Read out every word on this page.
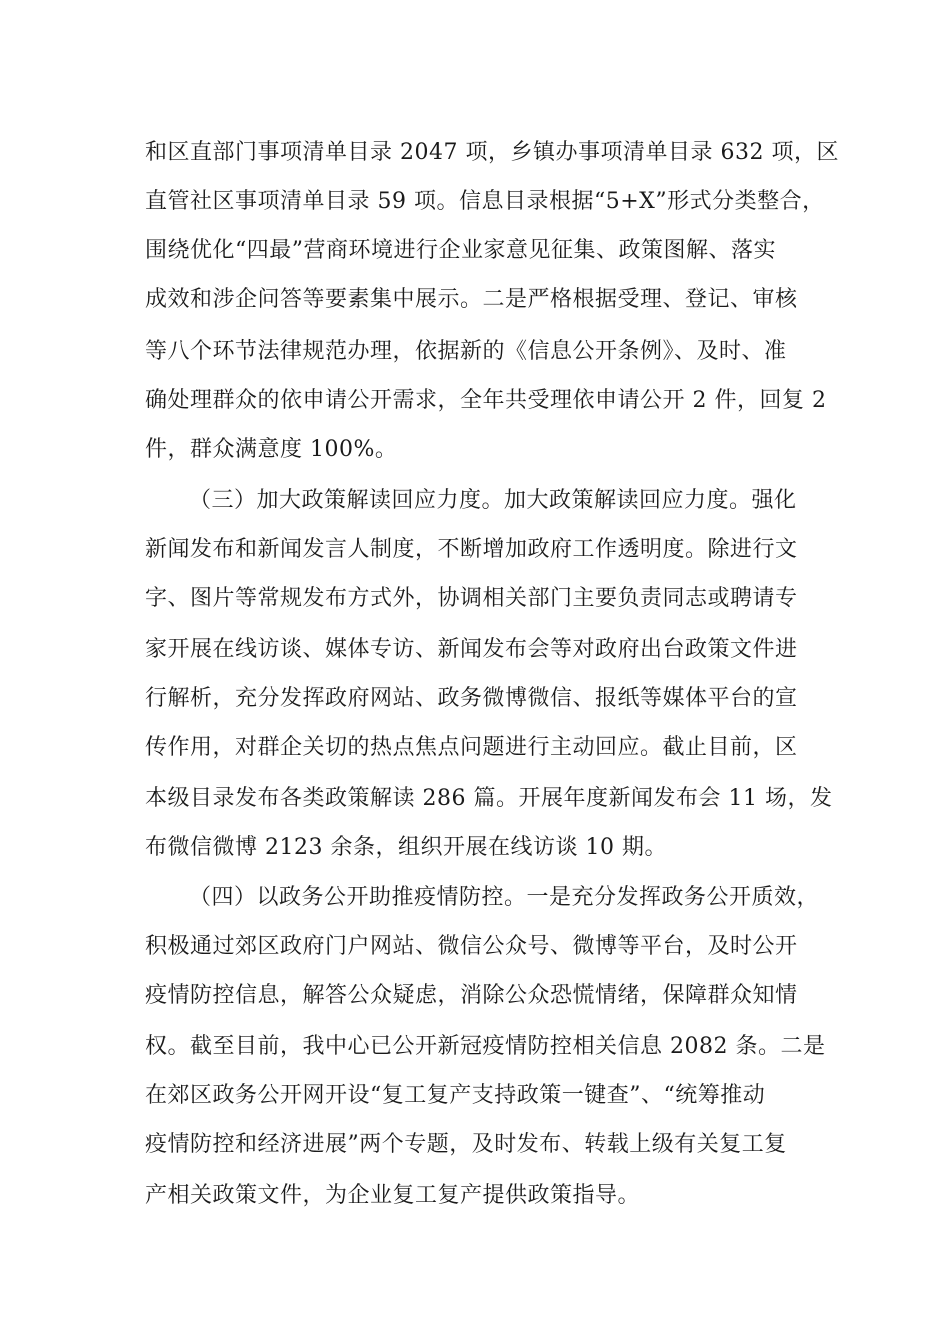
和区直部门事项清单目录 2047 项，乡镇办事项清单目录 632 项，区
直管社区事项清单目录 59 项。信息目录根据“5+X”形式分类整合，
围绕优化“四最”营商环境进行企业家意见征集、政策图解、落实
成效和涉企问答等要素集中展示。二是严格根据受理、登记、审核
等八个环节法律规范办理，依据新的《信息公开条例》、及时、准
确处理群众的依申请公开需求，全年共受理依申请公开 2 件，回复 2
件，群众满意度 100%。
（三）加大政策解读回应力度。加大政策解读回应力度。强化
新闻发布和新闻发言人制度，不断增加政府工作透明度。除进行文
字、图片等常规发布方式外，协调相关部门主要负责同志或聘请专
家开展在线访谈、媒体专访、新闻发布会等对政府出台政策文件进
行解析，充分发挥政府网站、政务微博微信、报纸等媒体平台的宣
传作用，对群企关切的热点焦点问题进行主动回应。截止目前，区
本级目录发布各类政策解读 286 篇。开展年度新闻发布会 11 场，发
布微信微博 2123 余条，组织开展在线访谈 10 期。
（四）以政务公开助推疫情防控。一是充分发挥政务公开质效，
积极通过郊区政府门户网站、微信公众号、微博等平台，及时公开
疫情防控信息，解答公众疑虑，消除公众恐慌情绪，保障群众知情
权。截至目前，我中心已公开新冠疫情防控相关信息 2082 条。二是
在郊区政务公开网开设“复工复产支持政策一键查”、“统筹推动
疫情防控和经济进展”两个专题，及时发布、转载上级有关复工复
产相关政策文件，为企业复工复产提供政策指导。
